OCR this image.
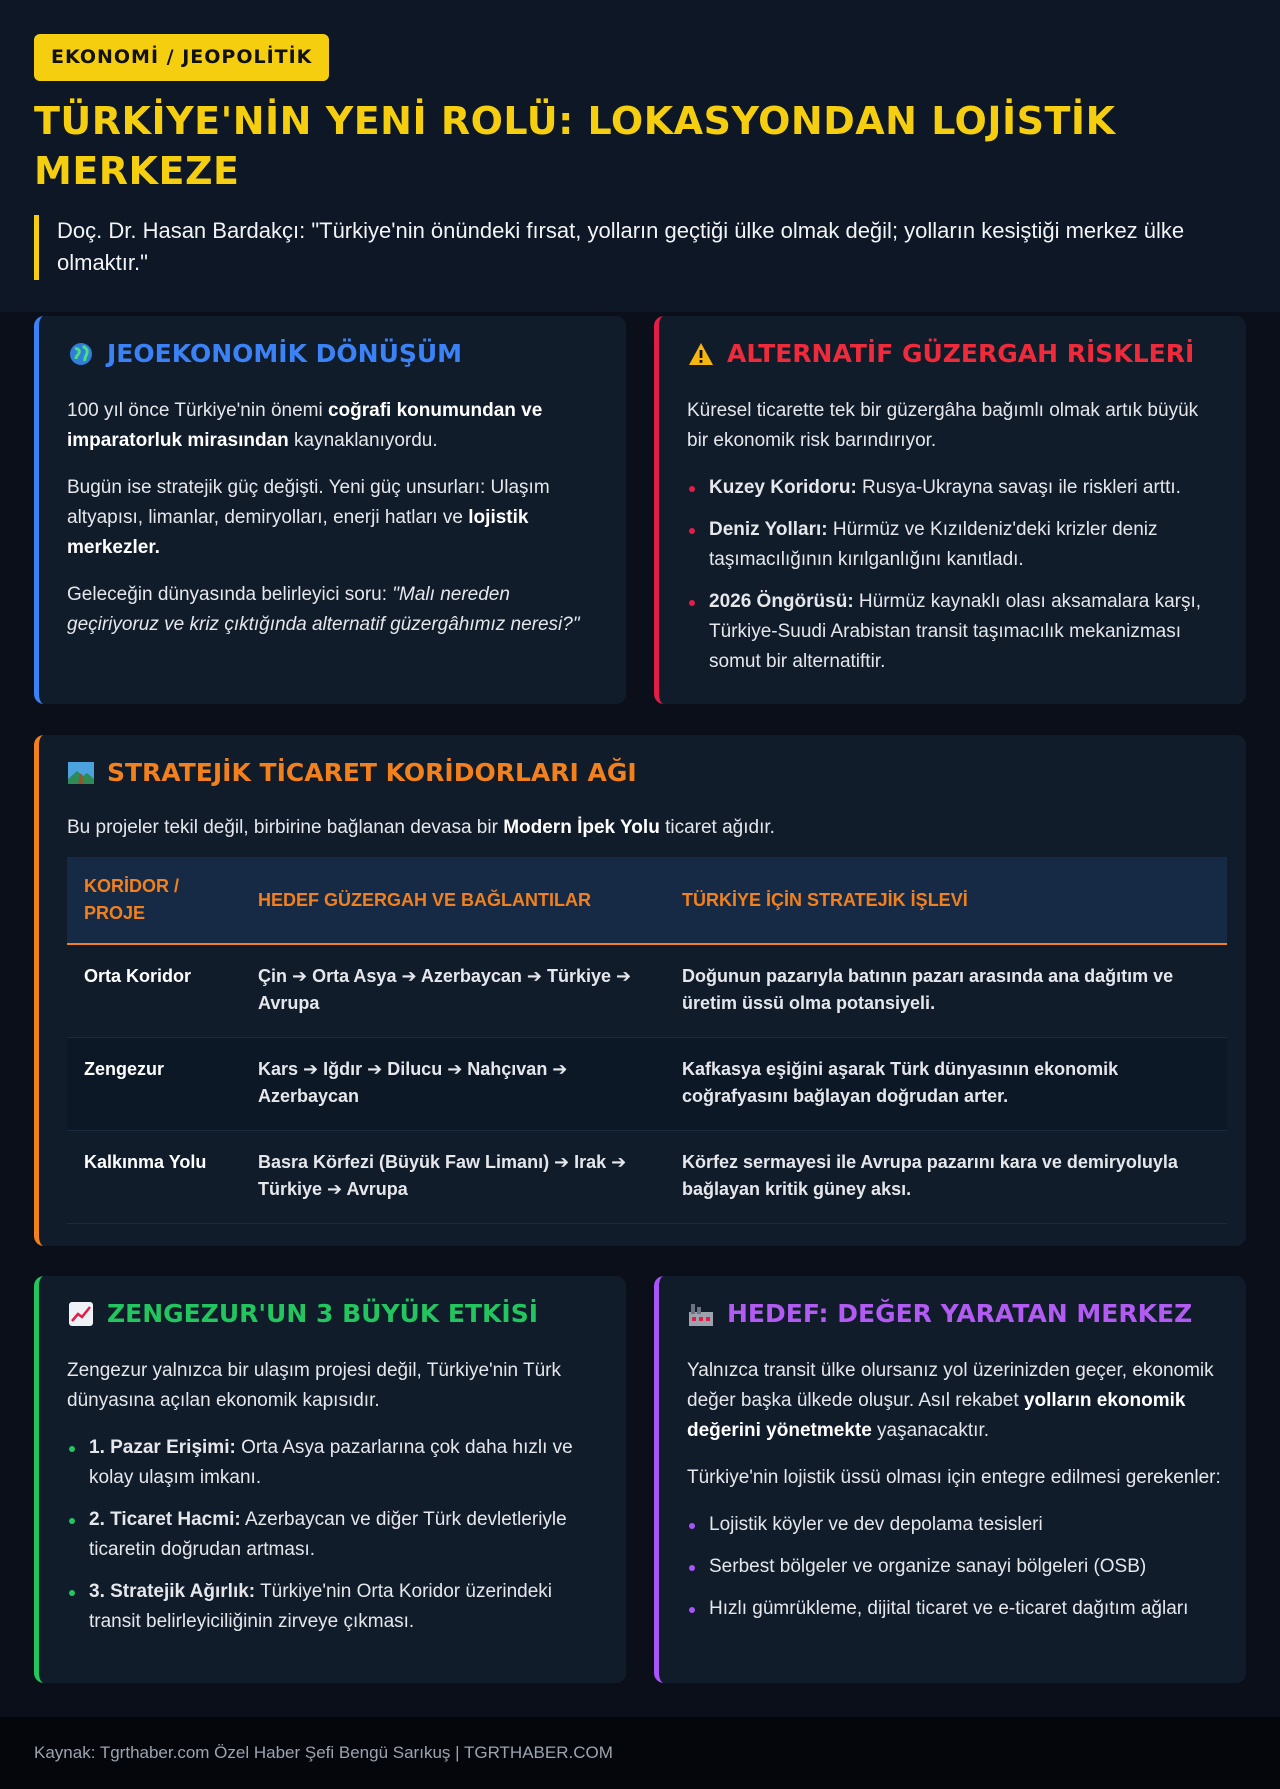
EKONOMİ / JEOPOLİTİK
TÜRKİYE'NİN YENİ ROLÜ: LOKASYONDAN LOJİSTİK MERKEZE
Doç. Dr. Hasan Bardakçı: "Türkiye'nin önündeki fırsat, yolların geçtiği ülke olmak değil; yolların kesiştiği merkez ülke olmaktır."
JEOEKONOMİK DÖNÜŞÜM

100 yıl önce Türkiye'nin önemi coğrafi konumundan ve imparatorluk mirasından kaynaklanıyordu.

Bugün ise stratejik güç değişti. Yeni güç unsurları: Ulaşım altyapısı, limanlar, demiryolları, enerji hatları ve lojistik merkezler.

Geleceğin dünyasında belirleyici soru: "Malı nereden geçiriyoruz ve kriz çıktığında alternatif güzergâhımız neresi?"

ALTERNATİF GÜZERGAH RİSKLERİ

Küresel ticarette tek bir güzergâha bağımlı olmak artık büyük bir ekonomik risk barındırıyor.

Kuzey Koridoru: Rusya-Ukrayna savaşı ile riskleri arttı.
Deniz Yolları: Hürmüz ve Kızıldeniz'deki krizler deniz taşımacılığının kırılganlığını kanıtladı.
2026 Öngörüsü: Hürmüz kaynaklı olası aksamalara karşı, Türkiye-Suudi Arabistan transit taşımacılık mekanizması somut bir alternatiftir.
STRATEJİK TİCARET KORİDORLARI AĞI

Bu projeler tekil değil, birbirine bağlanan devasa bir Modern İpek Yolu ticaret ağıdır.

KORİDOR / PROJE	HEDEF GÜZERGAH VE BAĞLANTILAR	TÜRKİYE İÇİN STRATEJİK İŞLEVİ
Orta Koridor	Çin ➔ Orta Asya ➔ Azerbaycan ➔ Türkiye ➔ Avrupa	Doğunun pazarıyla batının pazarı arasında ana dağıtım ve üretim üssü olma potansiyeli.
Zengezur	Kars ➔ Iğdır ➔ Dilucu ➔ Nahçıvan ➔ Azerbaycan	Kafkasya eşiğini aşarak Türk dünyasının ekonomik coğrafyasını bağlayan doğrudan arter.
Kalkınma Yolu	Basra Körfezi (Büyük Faw Limanı) ➔ Irak ➔ Türkiye ➔ Avrupa	Körfez sermayesi ile Avrupa pazarını kara ve demiryoluyla bağlayan kritik güney aksı.
ZENGEZUR'UN 3 BÜYÜK ETKİSİ

Zengezur yalnızca bir ulaşım projesi değil, Türkiye'nin Türk dünyasına açılan ekonomik kapısıdır.

1. Pazar Erişimi: Orta Asya pazarlarına çok daha hızlı ve kolay ulaşım imkanı.
2. Ticaret Hacmi: Azerbaycan ve diğer Türk devletleriyle ticaretin doğrudan artması.
3. Stratejik Ağırlık: Türkiye'nin Orta Koridor üzerindeki transit belirleyiciliğinin zirveye çıkması.
HEDEF: DEĞER YARATAN MERKEZ

Yalnızca transit ülke olursanız yol üzerinizden geçer, ekonomik değer başka ülkede oluşur. Asıl rekabet yolların ekonomik değerini yönetmekte yaşanacaktır.

Türkiye'nin lojistik üssü olması için entegre edilmesi gerekenler:

Lojistik köyler ve dev depolama tesisleri
Serbest bölgeler ve organize sanayi bölgeleri (OSB)
Hızlı gümrükleme, dijital ticaret ve e-ticaret dağıtım ağları
Kaynak: Tgrthaber.com Özel Haber Şefi Bengü Sarıkuş | TGRTHABER.COM
